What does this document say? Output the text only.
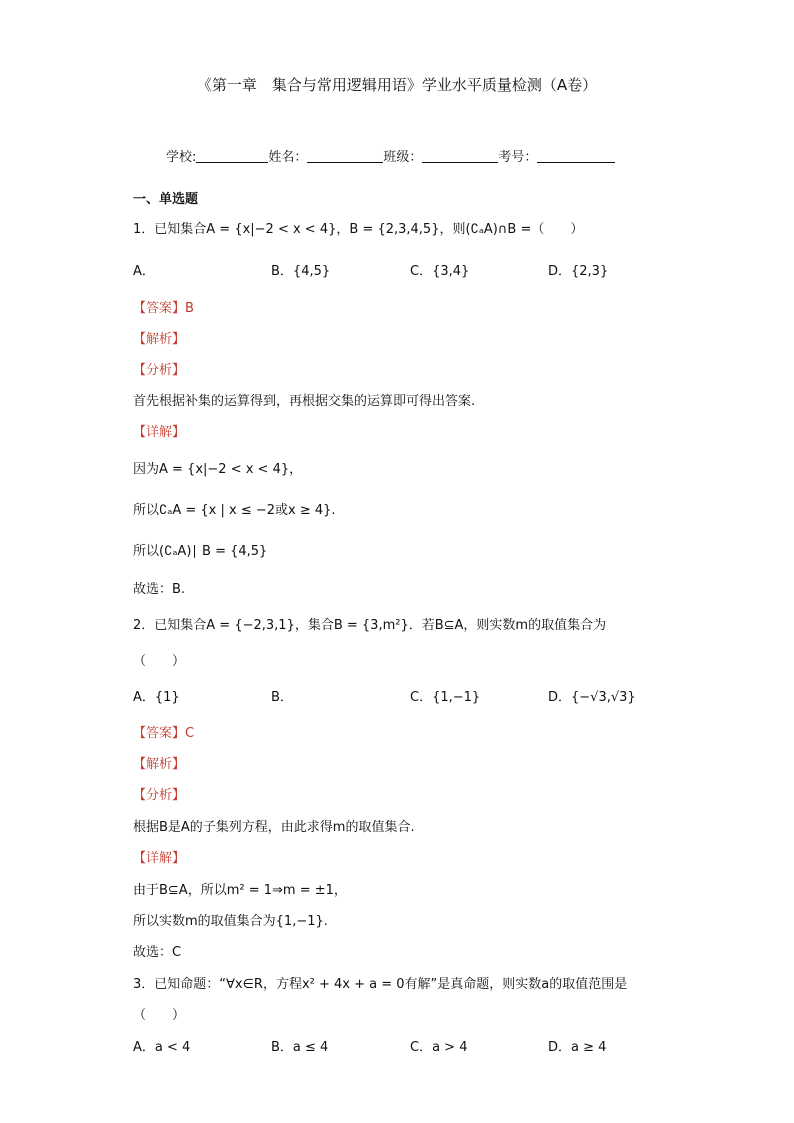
《第一章　集合与常用逻辑用语》学业水平质量检测（A卷）
学校:	姓名：	班级：	考号：
一、单选题
1．已知集合A = {x|−2 < x < 4}，B = {2,3,4,5}，则(∁ₐA)∩B =（　　）
A．	B．{4,5}	C．{3,4}	D．{2,3}
【答案】B
【解析】
【分析】
首先根据补集的运算得到，再根据交集的运算即可得出答案.
【详解】
因为A = {x|−2 < x < 4}，
所以∁ₐA = {x | x ≤ −2或x ≥ 4}.
所以(∁ₐA)∣ B = {4,5}
故选：B.
2．已知集合A = {−2,3,1}，集合B = {3,m²}．若B⊆A，则实数m的取值集合为
（　　）
A．{1}	B．	C．{1,−1}	D．{−√3,√3}
【答案】C
【解析】
【分析】
根据B是A的子集列方程，由此求得m的取值集合.
【详解】
由于B⊆A，所以m² = 1⇒m = ±1，
所以实数m的取值集合为{1,−1}.
故选：C
3．已知命题：“∀x∈R，方程x² + 4x + a = 0有解”是真命题，则实数a的取值范围是
（　　）
A．a < 4	B．a ≤ 4	C．a > 4	D．a ≥ 4
